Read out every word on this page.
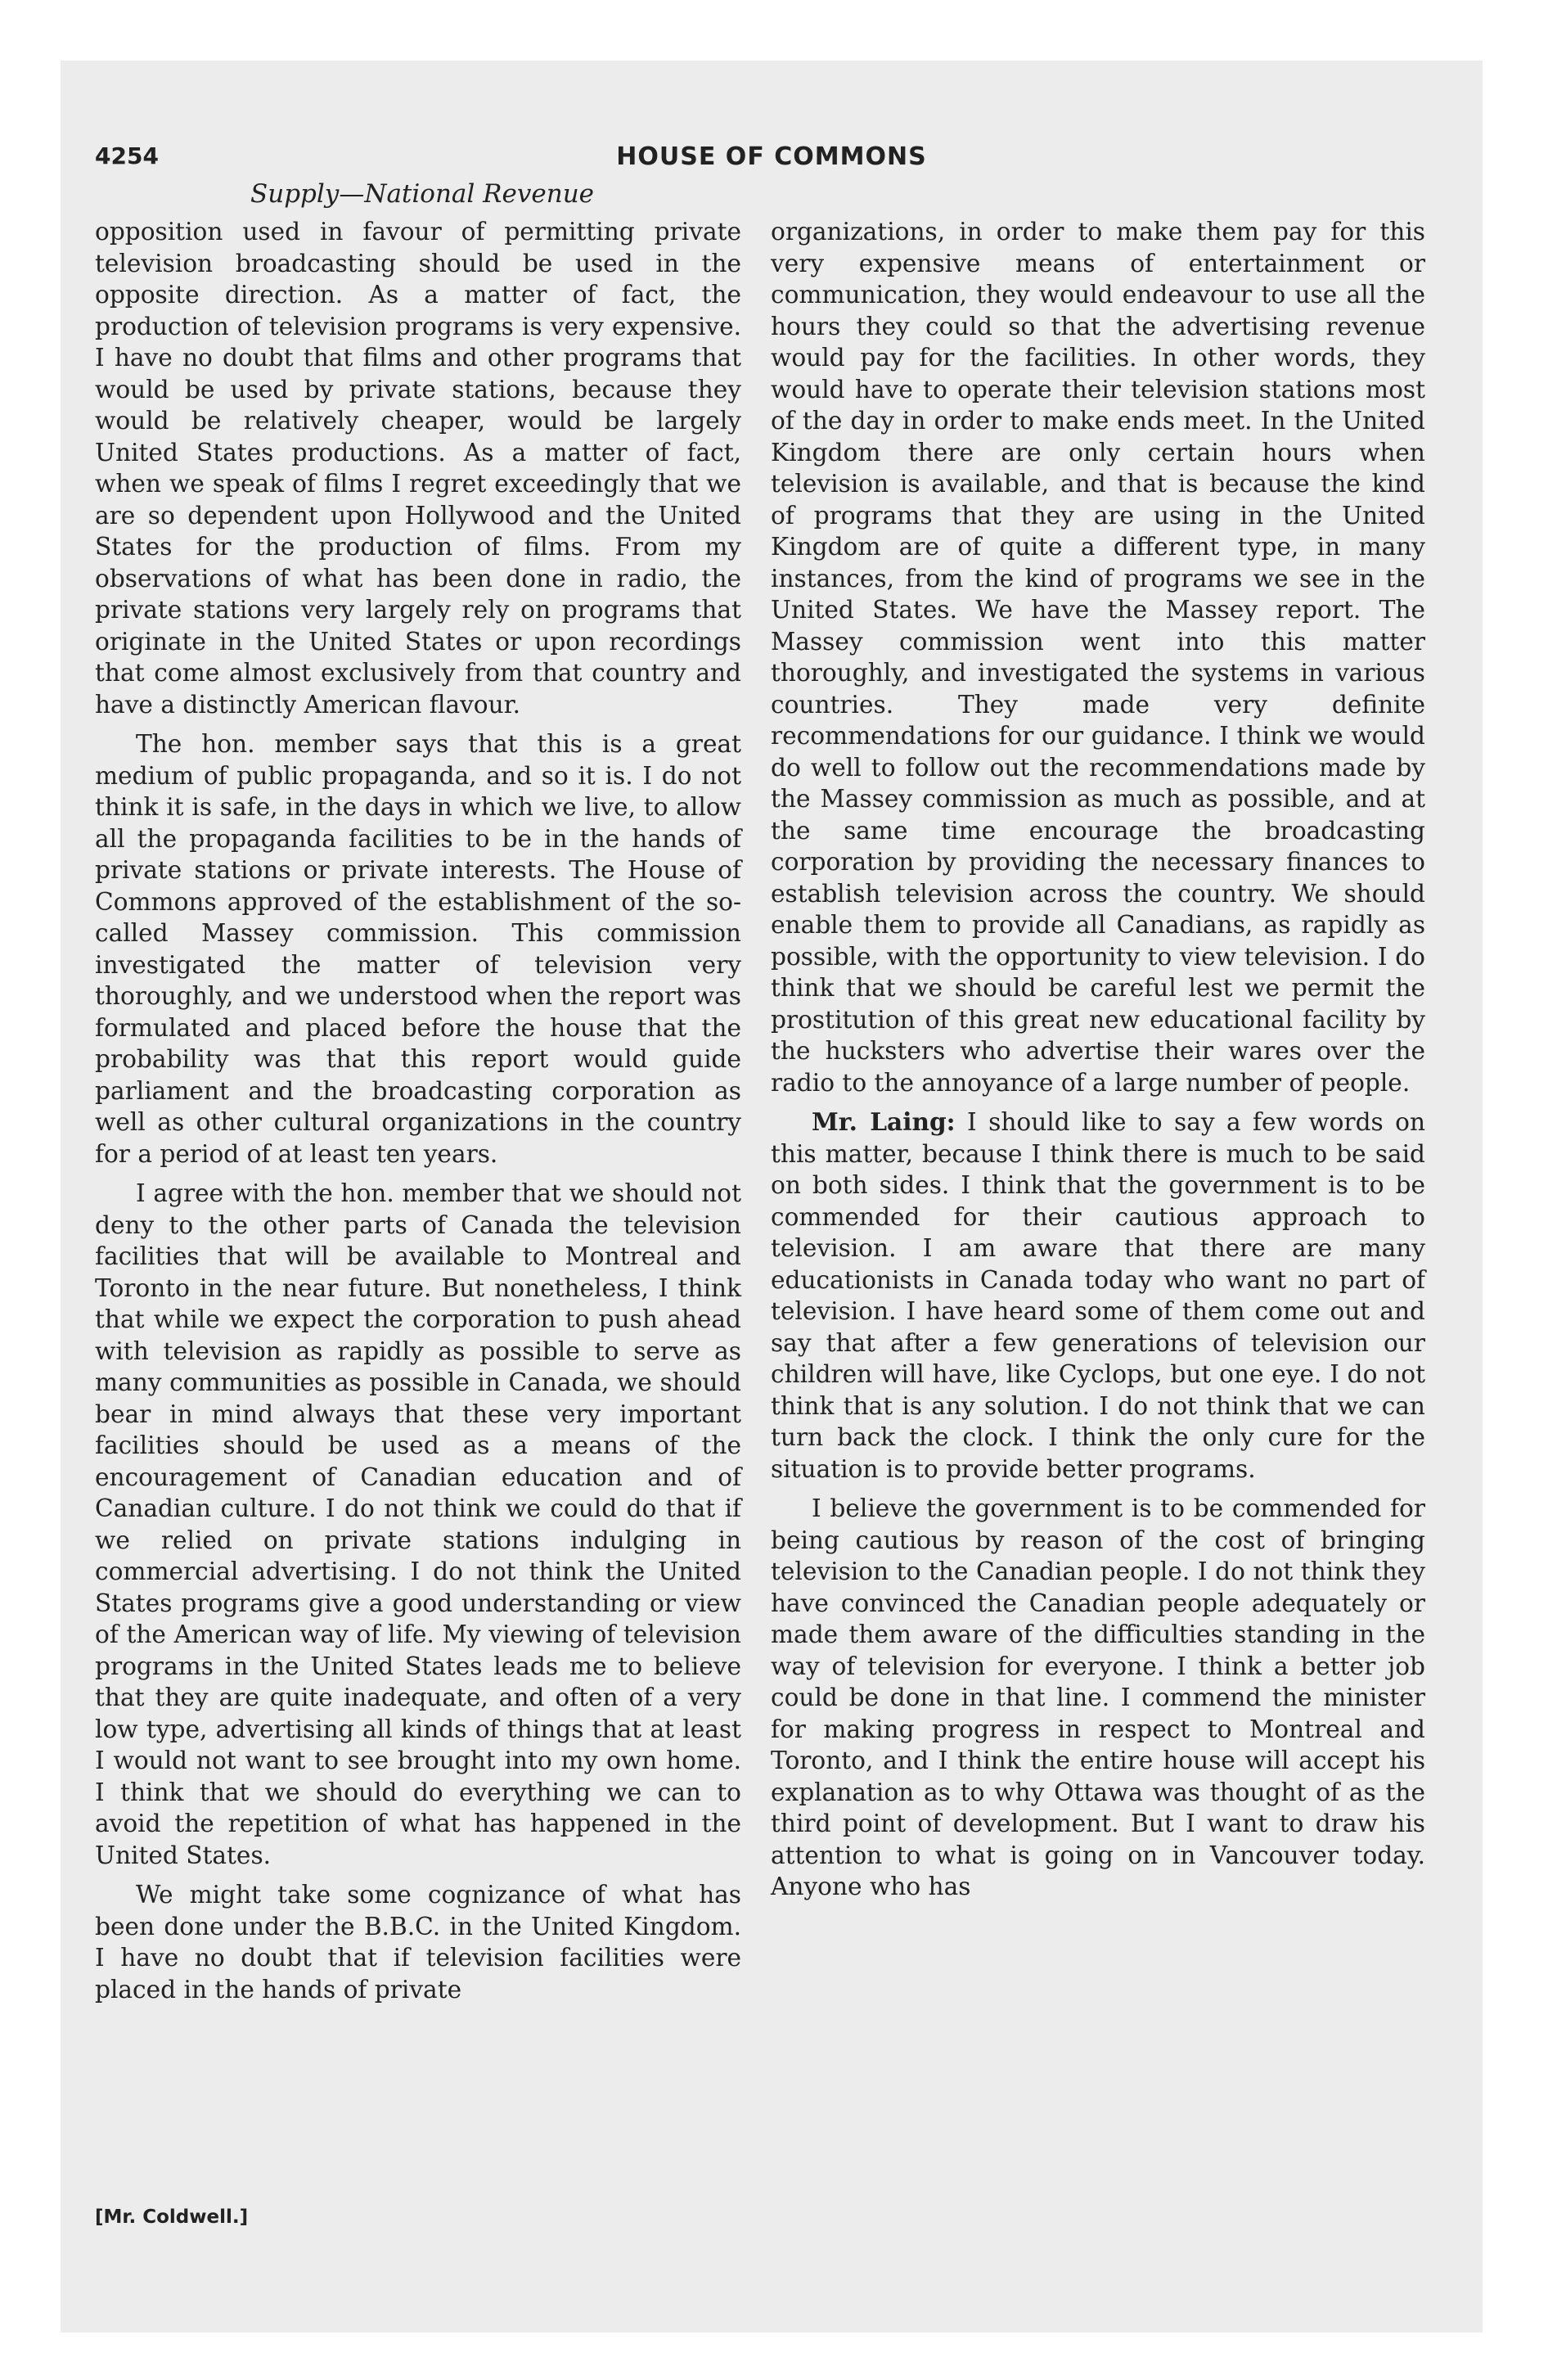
4254	HOUSE OF COMMONS
Supply—National Revenue

opposition used in favour of permitting private television broadcasting should be used in the opposite direction. As a matter of fact, the production of television programs is very expensive. I have no doubt that films and other programs that would be used by private stations, because they would be relatively cheaper, would be largely United States productions. As a matter of fact, when we speak of films I regret exceedingly that we are so dependent upon Hollywood and the United States for the production of films. From my observations of what has been done in radio, the private stations very largely rely on programs that originate in the United States or upon recordings that come almost exclusively from that country and have a distinctly American flavour.

The hon. member says that this is a great medium of public propaganda, and so it is. I do not think it is safe, in the days in which we live, to allow all the propaganda facilities to be in the hands of private stations or private interests. The House of Commons approved of the establishment of the so-called Massey commission. This commission investigated the matter of television very thoroughly, and we understood when the report was formulated and placed before the house that the probability was that this report would guide parliament and the broadcasting corporation as well as other cultural organizations in the country for a period of at least ten years.

I agree with the hon. member that we should not deny to the other parts of Canada the television facilities that will be available to Montreal and Toronto in the near future. But nonetheless, I think that while we expect the corporation to push ahead with television as rapidly as possible to serve as many communities as possible in Canada, we should bear in mind always that these very important facilities should be used as a means of the encouragement of Canadian education and of Canadian culture. I do not think we could do that if we relied on private stations indulging in commercial advertising. I do not think the United States programs give a good understanding or view of the American way of life. My viewing of television programs in the United States leads me to believe that they are quite inadequate, and often of a very low type, advertising all kinds of things that at least I would not want to see brought into my own home. I think that we should do everything we can to avoid the repetition of what has happened in the United States.

We might take some cognizance of what has been done under the B.B.C. in the United Kingdom. I have no doubt that if television facilities were placed in the hands of private

organizations, in order to make them pay for this very expensive means of entertainment or communication, they would endeavour to use all the hours they could so that the advertising revenue would pay for the facilities. In other words, they would have to operate their television stations most of the day in order to make ends meet. In the United Kingdom there are only certain hours when television is available, and that is because the kind of programs that they are using in the United Kingdom are of quite a different type, in many instances, from the kind of programs we see in the United States. We have the Massey report. The Massey commission went into this matter thoroughly, and investigated the systems in various countries. They made very definite recommendations for our guidance. I think we would do well to follow out the recommendations made by the Massey commission as much as possible, and at the same time encourage the broadcasting corporation by providing the necessary finances to establish television across the country. We should enable them to provide all Canadians, as rapidly as possible, with the opportunity to view television. I do think that we should be careful lest we permit the prostitution of this great new educational facility by the hucksters who advertise their wares over the radio to the annoyance of a large number of people.

Mr. Laing: I should like to say a few words on this matter, because I think there is much to be said on both sides. I think that the government is to be commended for their cautious approach to television. I am aware that there are many educationists in Canada today who want no part of television. I have heard some of them come out and say that after a few generations of television our children will have, like Cyclops, but one eye. I do not think that is any solution. I do not think that we can turn back the clock. I think the only cure for the situation is to provide better programs.

I believe the government is to be commended for being cautious by reason of the cost of bringing television to the Canadian people. I do not think they have convinced the Canadian people adequately or made them aware of the difficulties standing in the way of television for everyone. I think a better job could be done in that line. I commend the minister for making progress in respect to Montreal and Toronto, and I think the entire house will accept his explanation as to why Ottawa was thought of as the third point of development. But I want to draw his attention to what is going on in Vancouver today. Anyone who has

[Mr. Coldwell.]
